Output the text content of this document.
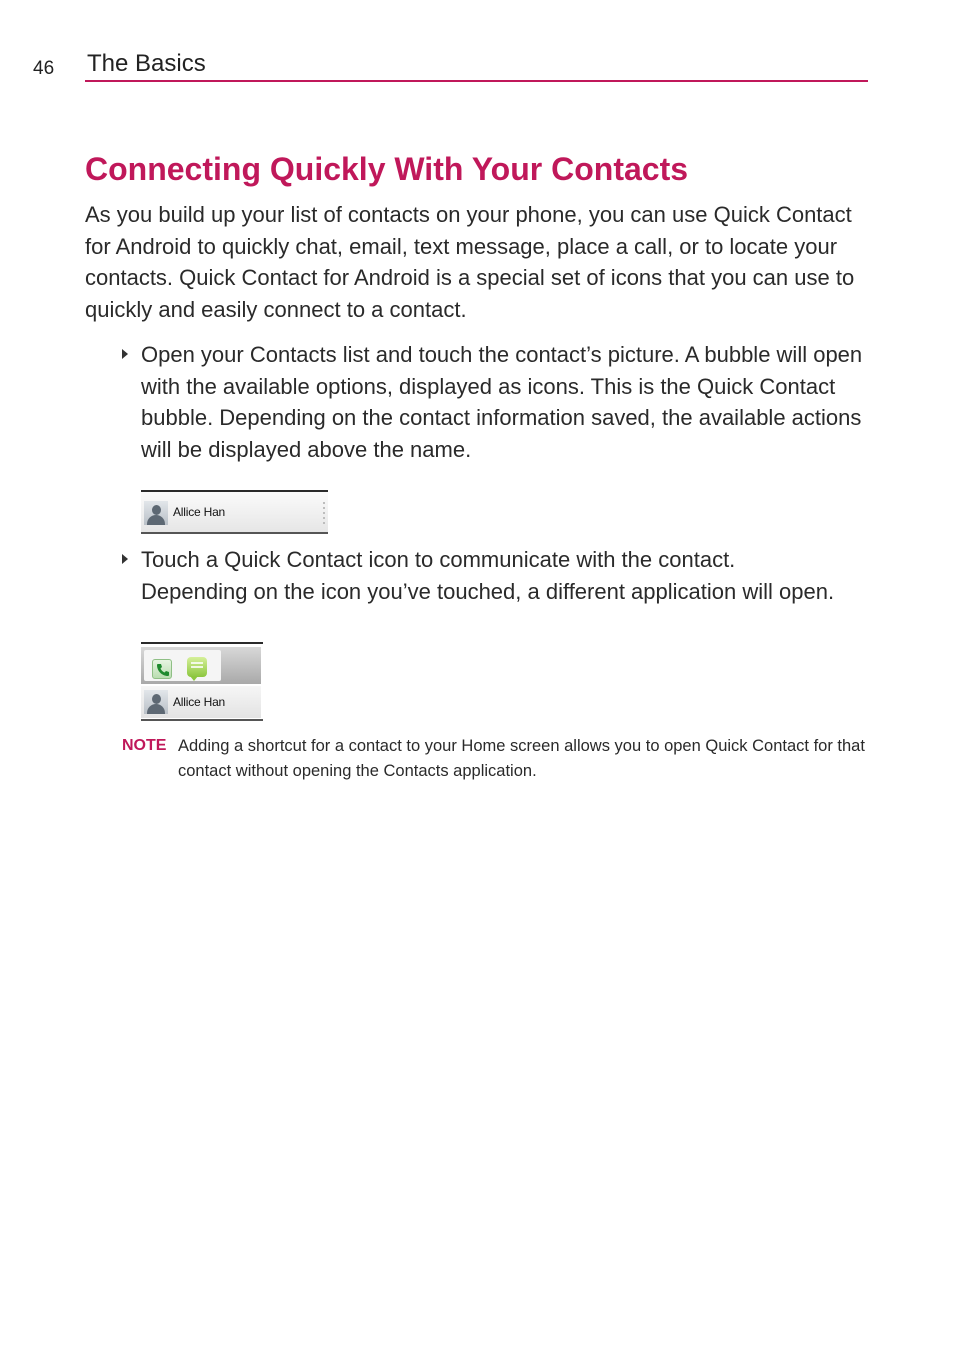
46 The Basics
Connecting Quickly With Your Contacts

As you build up your list of contacts on your phone, you can use Quick Contact for Android to quickly chat, email, text message, place a call, or to locate your contacts. Quick Contact for Android is a special set of icons that you can use to quickly and easily connect to a contact.

Open your Contacts list and touch the contact’s picture. A bubble will open with the available options, displayed as icons. This is the Quick Contact bubble. Depending on the contact information saved, the available actions will be displayed above the name.

Allice Han

Touch a Quick Contact icon to communicate with the contact. Depending on the icon you’ve touched, a different application will open.

Allice Han
NOTE Adding a shortcut for a contact to your Home screen allows you to open Quick Contact for that contact without opening the Contacts application.
